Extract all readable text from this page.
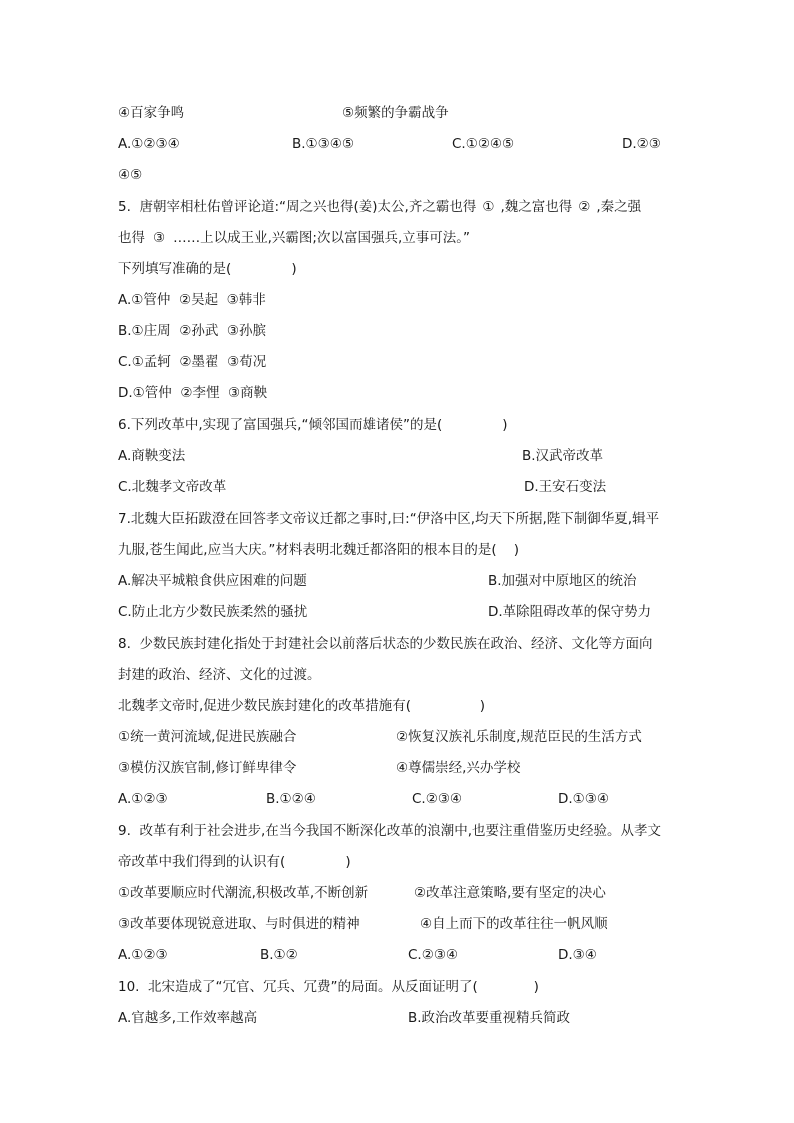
④百家争鸣	⑤频繁的争霸战争
A.①②③④	B.①③④⑤	C.①②④⑤	D.②③
④⑤
5.  唐朝宰相杜佑曾评论道:“周之兴也得(姜)太公,齐之霸也得 ① ,魏之富也得 ② ,秦之强
也得 ③ ……上以成王业,兴霸图;次以富国强兵,立事可法。”
下列填写准确的是(              )
A.①管仲  ②吴起  ③韩非
B.①庄周  ②孙武  ③孙膑
C.①孟轲  ②墨翟  ③荀况
D.①管仲  ②李悝  ③商鞅
6.下列改革中,实现了富国强兵,“倾邻国而雄诸侯”的是(              )
A.商鞅变法	B.汉武帝改革
C.北魏孝文帝改革	D.王安石变法
7.北魏大臣拓跋澄在回答孝文帝议迁都之事时,曰:“伊洛中区,均天下所据,陛下制御华夏,辑平
九服,苍生闻此,应当大庆。”材料表明北魏迁都洛阳的根本目的是(    )
A.解决平城粮食供应困难的问题	B.加强对中原地区的统治
C.防止北方少数民族柔然的骚扰	D.革除阻碍改革的保守势力
8.  少数民族封建化指处于封建社会以前落后状态的少数民族在政治、经济、文化等方面向
封建的政治、经济、文化的过渡。
北魏孝文帝时,促进少数民族封建化的改革措施有(                )
①统一黄河流域,促进民族融合	②恢复汉族礼乐制度,规范臣民的生活方式
③模仿汉族官制,修订鲜卑律令	④尊儒崇经,兴办学校
A.①②③	B.①②④	C.②③④	D.①③④
9.  改革有利于社会进步,在当今我国不断深化改革的浪潮中,也要注重借鉴历史经验。从孝文
帝改革中我们得到的认识有(              )
①改革要顺应时代潮流,积极改革,不断创新	②改革注意策略,要有坚定的决心
③改革要体现锐意进取、与时俱进的精神	④自上而下的改革往往一帆风顺
A.①②③	B.①②	C.②③④	D.③④
10.  北宋造成了“冗官、冗兵、冗费”的局面。从反面证明了(             )
A.官越多,工作效率越高	B.政治改革要重视精兵简政
